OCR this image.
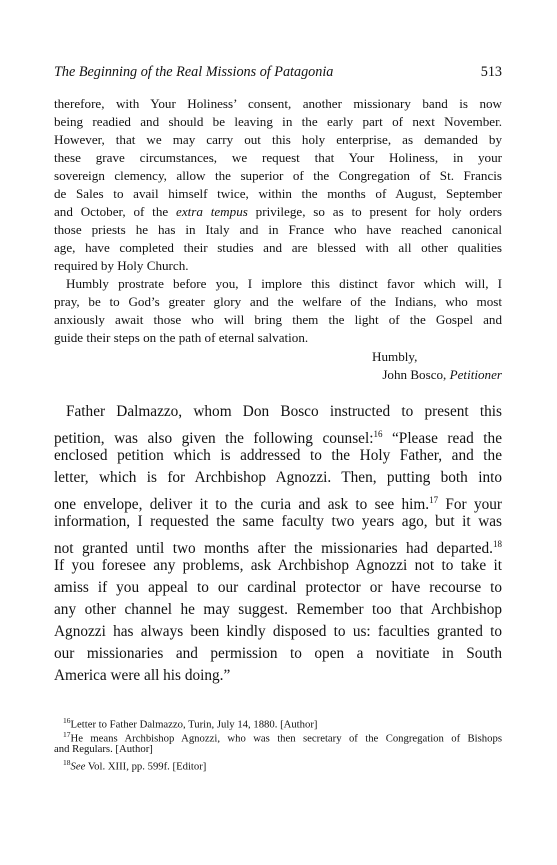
The Beginning of the Real Missions of Patagonia	513
therefore, with Your Holiness’ consent, another missionary band is now
being readied and should be leaving in the early part of next November.
However, that we may carry out this holy enterprise, as demanded by
these grave circumstances, we request that Your Holiness, in your
sovereign clemency, allow the superior of the Congregation of St. Francis
de Sales to avail himself twice, within the months of August, September
and October, of the extra tempus privilege, so as to present for holy orders
those priests he has in Italy and in France who have reached canonical
age, have completed their studies and are blessed with all other qualities
required by Holy Church.
Humbly prostrate before you, I implore this distinct favor which will, I
pray, be to God’s greater glory and the welfare of the Indians, who most
anxiously await those who will bring them the light of the Gospel and
guide their steps on the path of eternal salvation.
Humbly,
John Bosco, Petitioner
Father Dalmazzo, whom Don Bosco instructed to present this
petition, was also given the following counsel:$^{16}$ “Please read the
enclosed petition which is addressed to the Holy Father, and the
letter, which is for Archbishop Agnozzi. Then, putting both into
one envelope, deliver it to the curia and ask to see him.$^{17}$ For your
information, I requested the same faculty two years ago, but it was
not granted until two months after the missionaries had departed.$^{18}$
If you foresee any problems, ask Archbishop Agnozzi not to take it
amiss if you appeal to our cardinal protector or have recourse to
any other channel he may suggest. Remember too that Archbishop
Agnozzi has always been kindly disposed to us: faculties granted to
our missionaries and permission to open a novitiate in South
America were all his doing.”
$^{16}$Letter to Father Dalmazzo, Turin, July 14, 1880. [Author]
$^{17}$He means Archbishop Agnozzi, who was then secretary of the Congregation of Bishops
and Regulars. [Author]
$^{18}$See Vol. XIII, pp. 599f. [Editor]
